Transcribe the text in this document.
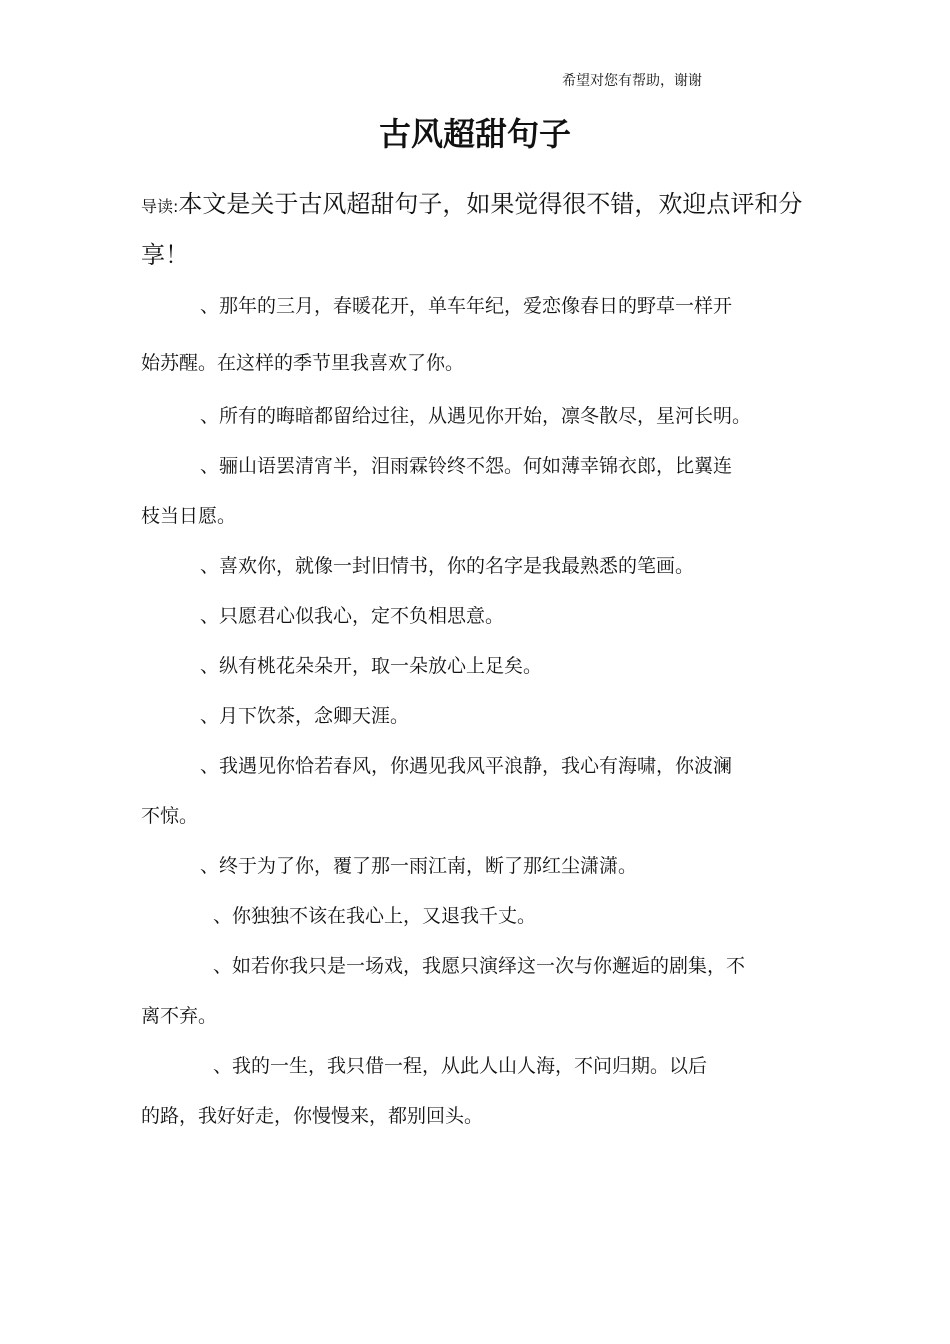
希望对您有帮助，谢谢
古风超甜句子
导读:本文是关于古风超甜句子，如果觉得很不错，欢迎点评和分享！
、那年的三月，春暖花开，单车年纪，爱恋像春日的野草一样开
始苏醒。在这样的季节里我喜欢了你。
、所有的晦暗都留给过往，从遇见你开始，凛冬散尽，星河长明。
、骊山语罢清宵半，泪雨霖铃终不怨。何如薄幸锦衣郎，比翼连
枝当日愿。
、喜欢你，就像一封旧情书，你的名字是我最熟悉的笔画。
、只愿君心似我心，定不负相思意。
、纵有桃花朵朵开，取一朵放心上足矣。
、月下饮茶，念卿天涯。
、我遇见你恰若春风，你遇见我风平浪静，我心有海啸，你波澜
不惊。
、终于为了你，覆了那一雨江南，断了那红尘潇潇。
、你独独不该在我心上，又退我千丈。
、如若你我只是一场戏，我愿只演绎这一次与你邂逅的剧集，不
离不弃。
、我的一生，我只借一程，从此人山人海，不问归期。以后
的路，我好好走，你慢慢来，都别回头。
